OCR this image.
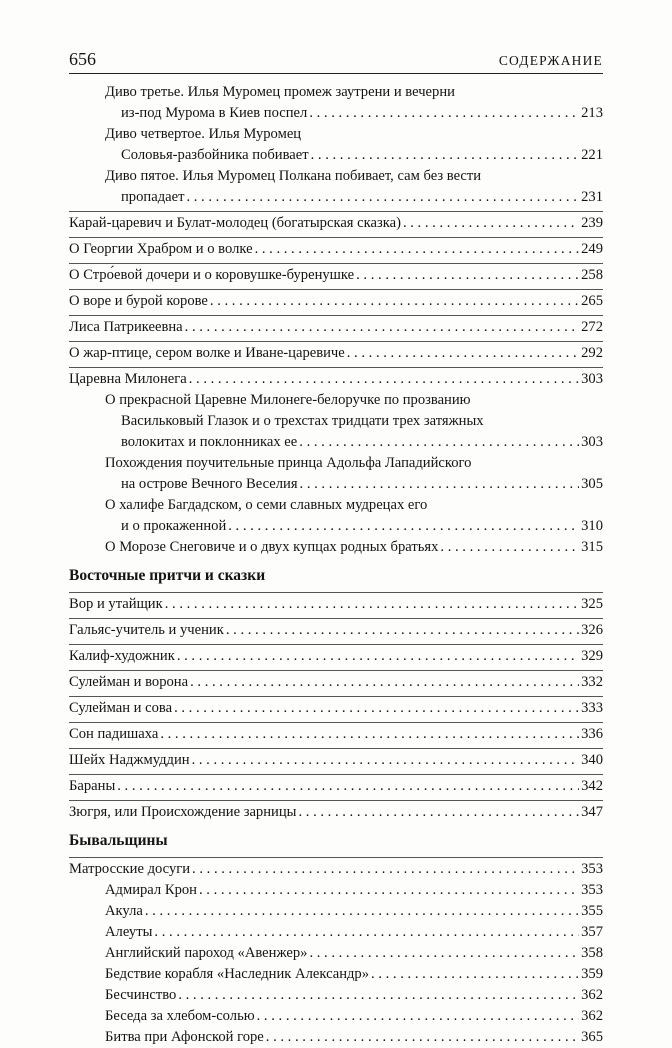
656	СОДЕРЖАНИЕ
Диво третье. Илья Муромец промеж заутрени и вечерни
из-под Мурома в Киев поспел . . .	213
Диво четвертое. Илья Муромец
Соловья-разбойника побивает . . .	221
Диво пятое. Илья Муромец Полкана побивает, сам без вести
пропадает . . .	231
Карай-царевич и Булат-молодец (богатырская сказка) . . .	239
О Георгии Храбром и о волке . . .	249
О Стро́евой дочери и о коровушке-буренушке . . .	258
О воре и бурой корове . . .	265
Лиса Патрикеевна . . .	272
О жар-птице, сером волке и Иване-царевиче . . .	292
Царевна Милонега . . .	303
О прекрасной Царевне Милонеге-белоручке по прозванию
Васильковый Глазок и о трехстах тридцати трех затяжных
волокитах и поклонниках ее . . .	303
Похождения поучительные принца Адольфа Лападийского
на острове Вечного Веселия . . .	305
О халифе Багдадском, о семи славных мудрецах его
и о прокаженной . . .	310
О Морозе Снеговиче и о двух купцах родных братьях . . .	315
Восточные притчи и сказки
Вор и утайщик . . .	325
Гальяс-учитель и ученик . . .	326
Калиф-художник . . .	329
Сулейман и ворона . . .	332
Сулейман и сова . . .	333
Сон падишаха . . .	336
Шейх Наджмуддин . . .	340
Бараны . . .	342
Зюгря, или Происхождение зарницы . . .	347
Бывальщины
Матросские досуги . . .	353
Адмирал Крон . . .	353
Акула . . .	355
Алеуты . . .	357
Английский пароход «Авенжер» . . .	358
Бедствие корабля «Наследник Александр» . . .	359
Бесчинство . . .	362
Беседа за хлебом-солью . . .	362
Битва при Афонской горе . . .	365
